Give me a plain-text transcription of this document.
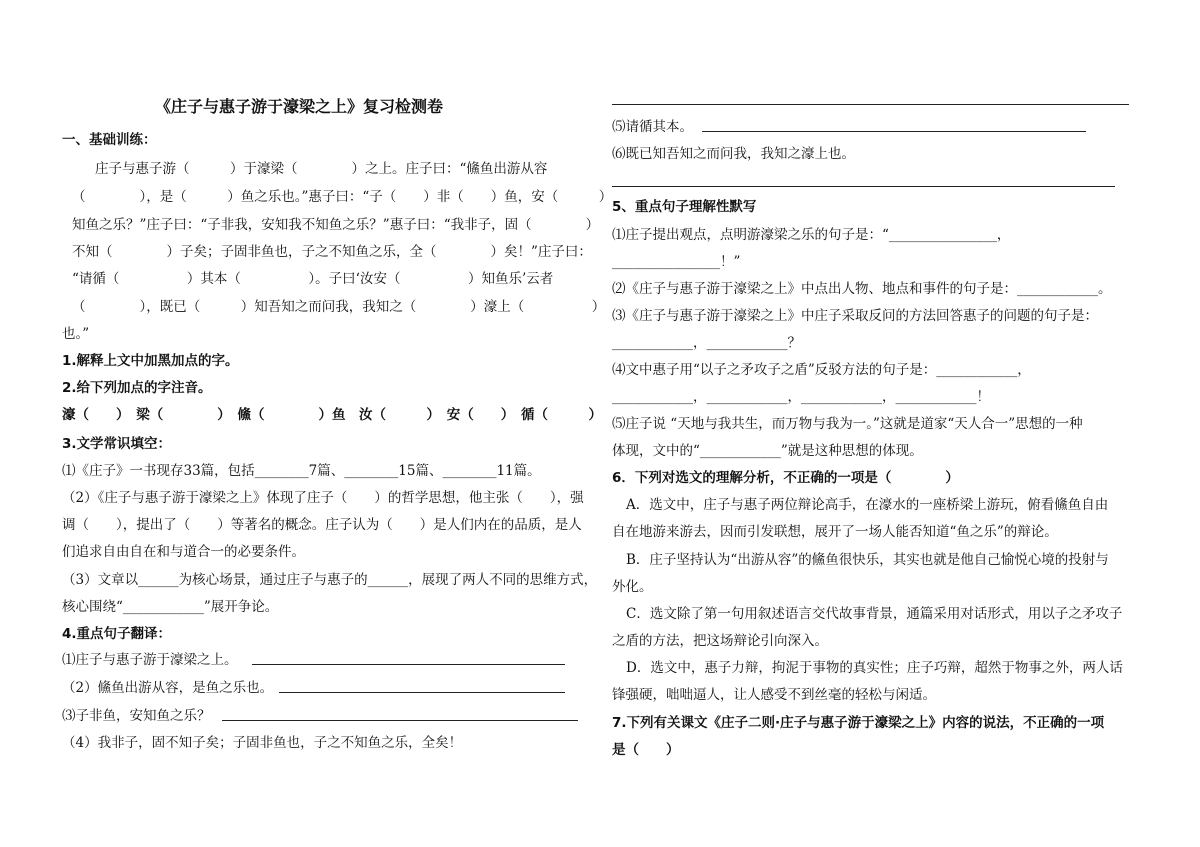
《庄子与惠子游于濠梁之上》复习检测卷
一、基础训练：
庄子与惠子游（　　　）于濠梁（　　　　）之上。庄子曰：“鯈鱼出游从容
（　　　　），是（　　　）鱼之乐也。”惠子曰：“子（　　）非（　　）鱼，安（　　　）
知鱼之乐？”庄子曰：“子非我，安知我不知鱼之乐？”惠子曰：“我非子，固（　　　　）
不知（　　　　）子矣；子固非鱼也，子之不知鱼之乐，全（　　　　）矣！”庄子曰：
“请循（　　　　　）其本（　　　　　）。子曰‘汝安（　　　　　）知鱼乐’云者
（　　　　），既已（　　　）知吾知之而问我，我知之（　　　　）濠上（　　　　　）
也。”
1.解释上文中加黑加点的字。
2.给下列加点的字注音。
濠（　　）　梁（　　　　）　鯈（　　　　）鱼　汝（　　　）　安（　　）　循（　　　）
3.文学常识填空：
⑴《庄子》一书现存33篇，包括________7篇、________15篇、________11篇。
（2）《庄子与惠子游于濠梁之上》体现了庄子（　　）的哲学思想，他主张（　　），强
调（　　），提出了（　　）等著名的概念。庄子认为（　　）是人们内在的品质，是人
们追求自由自在和与道合一的必要条件。
（3）文章以______为核心场景，通过庄子与惠子的______，展现了两人不同的思维方式，
核心围绕“____________”展开争论。
4.重点句子翻译：
⑴庄子与惠子游于濠梁之上。
（2）鯈鱼出游从容，是鱼之乐也。
⑶子非鱼，安知鱼之乐？
（4）我非子，固不知子矣；子固非鱼也，子之不知鱼之乐，全矣！
⑸请循其本。
⑹既已知吾知之而问我，我知之濠上也。
5、重点句子理解性默写
⑴庄子提出观点，点明游濠梁之乐的句子是：“________________，
________________！”
⑵《庄子与惠子游于濠梁之上》中点出人物、地点和事件的句子是：____________。
⑶《庄子与惠子游于濠梁之上》中庄子采取反问的方法回答惠子的问题的句子是：
____________，____________？
⑷文中惠子用“以子之矛攻子之盾”反驳方法的句子是：____________，
____________，____________，____________，____________！
⑸庄子说 “天地与我共生，而万物与我为一。”这就是道家“天人合一”思想的一种
体现，文中的“____________”就是这种思想的体现。
6．下列对选文的理解分析，不正确的一项是（　　　　）
A．选文中，庄子与惠子两位辩论高手，在濠水的一座桥梁上游玩，俯看鯈鱼自由
自在地游来游去，因而引发联想，展开了一场人能否知道“鱼之乐”的辩论。
B．庄子坚持认为“出游从容”的鯈鱼很快乐，其实也就是他自己愉悦心境的投射与
外化。
C．选文除了第一句用叙述语言交代故事背景，通篇采用对话形式，用以子之矛攻子
之盾的方法，把这场辩论引向深入。
D．选文中，惠子力辩，拘泥于事物的真实性；庄子巧辩，超然于物事之外，两人话
锋强硬，咄咄逼人，让人感受不到丝毫的轻松与闲适。
7.下列有关课文《庄子二则·庄子与惠子游于濠梁之上》内容的说法，不正确的一项
是（　　）
